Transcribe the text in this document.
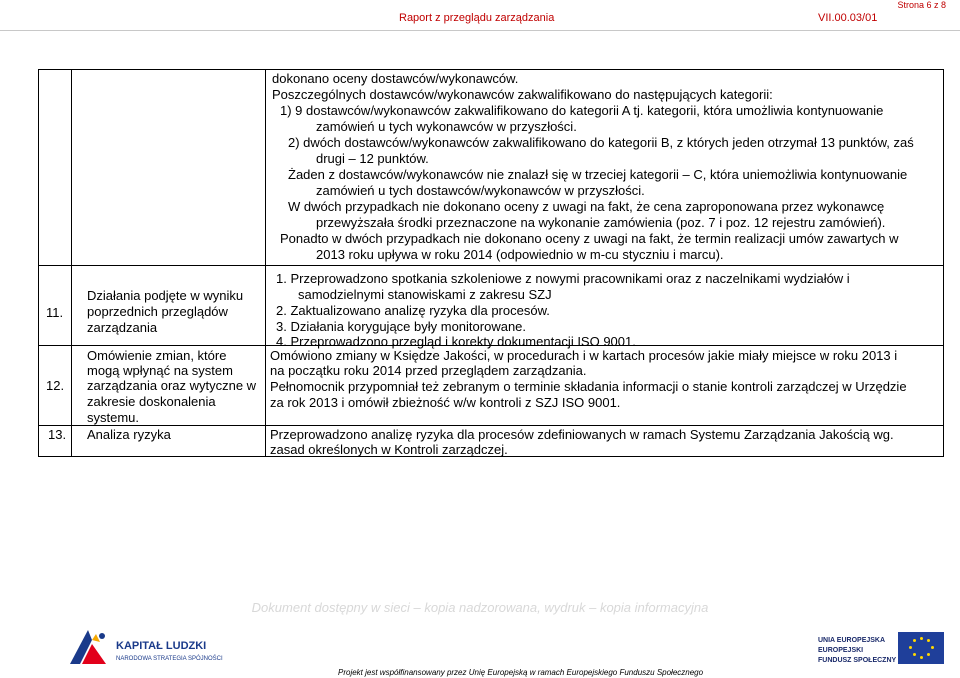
Strona 6 z 8
Raport z przeglądu zarządzania	VII.00.03/01
dokonano oceny dostawców/wykonawców.
Poszczególnych dostawców/wykonawców zakwalifikowano do następujących kategorii:
1) 9 dostawców/wykonawców zakwalifikowano do kategorii A tj. kategorii, która umożliwia kontynuowanie
zamówień u tych wykonawców w przyszłości.
2) dwóch dostawców/wykonawców zakwalifikowano do kategorii B, z których jeden otrzymał 13 punktów, zaś
drugi – 12 punktów.
Żaden z dostawców/wykonawców nie znalazł się w trzeciej kategorii – C, która uniemożliwia kontynuowanie
zamówień u tych dostawców/wykonawców w przyszłości.
W dwóch przypadkach nie dokonano oceny z uwagi na fakt, że cena zaproponowana przez wykonawcę
przewyższała środki przeznaczone na wykonanie zamówienia (poz. 7 i poz. 12 rejestru zamówień).
Ponadto w dwóch przypadkach nie dokonano oceny z uwagi na fakt, że termin realizacji umów zawartych w
2013 roku upływa w roku 2014 (odpowiednio w m-cu styczniu i marcu).
11.
Działania podjęte w wyniku
poprzednich przeglądów
zarządzania
1. Przeprowadzono spotkania szkoleniowe z nowymi pracownikami oraz z naczelnikami wydziałów i
samodzielnymi stanowiskami z zakresu SZJ
2. Zaktualizowano analizę ryzyka dla procesów.
3. Działania korygujące były monitorowane.
4. Przeprowadzono przegląd i korekty dokumentacji ISO 9001.
12.
Omówienie zmian, które
mogą wpłynąć na system
zarządzania oraz wytyczne w
zakresie doskonalenia
systemu.
Omówiono zmiany w Księdze Jakości, w procedurach i w kartach procesów jakie miały miejsce w roku 2013 i
na początku roku 2014 przed przeglądem zarządzania.
Pełnomocnik przypomniał też zebranym o terminie składania informacji o stanie kontroli zarządczej w Urzędzie
za rok 2013 i omówił zbieżność w/w kontroli z SZJ ISO 9001.
13. Analiza ryzyka	Przeprowadzono analizę ryzyka dla procesów zdefiniowanych w ramach Systemu Zarządzania Jakością wg.
zasad określonych w Kontroli zarządczej.
Dokument dostępny w sieci – kopia nadzorowana, wydruk – kopia informacyjna
KAPITAŁ LUDZKI
NARODOWA STRATEGIA SPÓJNOŚCI
UNIA EUROPEJSKA
EUROPEJSKI
FUNDUSZ SPOŁECZNY
Projekt jest współfinansowany przez Unię Europejską w ramach Europejskiego Funduszu Społecznego
